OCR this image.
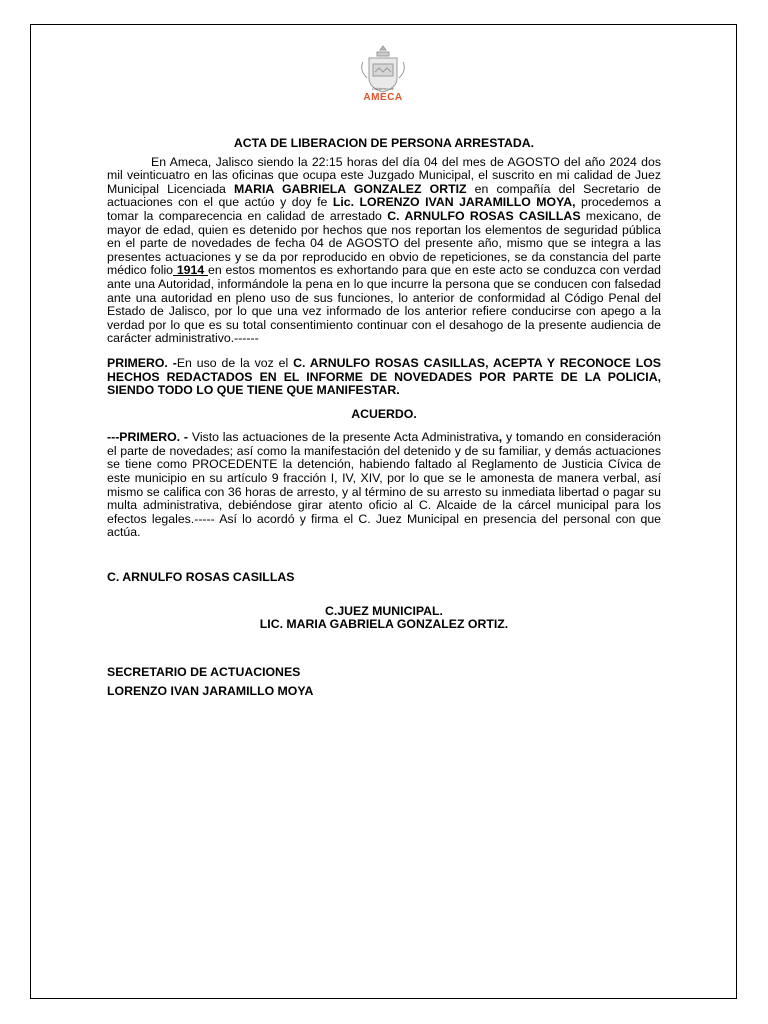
Gobierno de
AMECA
ACTA DE LIBERACION DE PERSONA ARRESTADA.

En Ameca, Jalisco siendo la 22:15 horas del día 04 del mes de AGOSTO del año 2024 dos mil veinticuatro en las oficinas que ocupa este Juzgado Municipal, el suscrito en mi calidad de Juez Municipal Licenciada MARIA GABRIELA GONZALEZ ORTIZ en compañía del Secretario de actuaciones con el que actúo y doy fe Lic. LORENZO IVAN JARAMILLO MOYA, procedemos a tomar la comparecencia en calidad de arrestado C. ARNULFO ROSAS CASILLAS mexicano, de mayor de edad, quien es detenido por hechos que nos reportan los elementos de seguridad pública en el parte de novedades de fecha 04 de AGOSTO del presente año, mismo que se integra a las presentes actuaciones y se da por reproducido en obvio de repeticiones, se da constancia del parte médico folio 1914 en estos momentos es exhortando para que en este acto se conduzca con verdad ante una Autoridad, informándole la pena en lo que incurre la persona que se conducen con falsedad ante una autoridad en pleno uso de sus funciones, lo anterior de conformidad al Código Penal del Estado de Jalisco, por lo que una vez informado de los anterior refiere conducirse con apego a la verdad por lo que es su total consentimiento continuar con el desahogo de la presente audiencia de carácter administrativo.------

PRIMERO. -En uso de la voz el C. ARNULFO ROSAS CASILLAS, ACEPTA Y RECONOCE LOS HECHOS REDACTADOS EN EL INFORME DE NOVEDADES POR PARTE DE LA POLICIA, SIENDO TODO LO QUE TIENE QUE MANIFESTAR.

ACUERDO.

---PRIMERO. - Visto las actuaciones de la presente Acta Administrativa, y tomando en consideración el parte de novedades; así como la manifestación del detenido y de su familiar, y demás actuaciones se tiene como PROCEDENTE la detención, habiendo faltado al Reglamento de Justicia Cívica de este municipio en su artículo 9 fracción I, IV, XIV, por lo que se le amonesta de manera verbal, así mismo se califica con 36 horas de arresto, y al término de su arresto su inmediata libertad o pagar su multa administrativa, debiéndose girar atento oficio al C. Alcaide de la cárcel municipal para los efectos legales.----- Así lo acordó y firma el C. Juez Municipal en presencia del personal con que actúa.

C. ARNULFO ROSAS CASILLAS

C.JUEZ MUNICIPAL.

LIC. MARIA GABRIELA GONZALEZ ORTIZ.

SECRETARIO DE ACTUACIONES

LORENZO IVAN JARAMILLO MOYA
